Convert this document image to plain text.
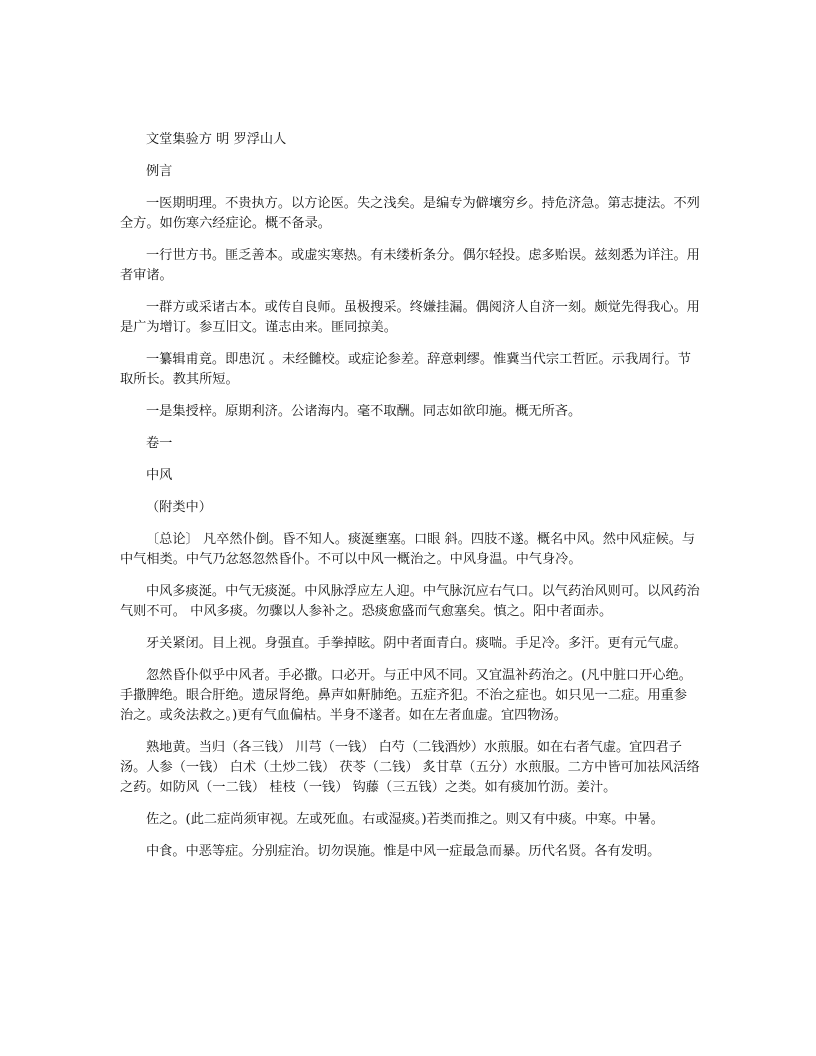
文堂集验方 明 罗浮山人

例言

一医期明理。不贵执方。以方论医。失之浅矣。是编专为僻壤穷乡。持危济急。第志捷法。不列全方。如伤寒六经症论。概不备录。

一行世方书。匪乏善本。或虚实寒热。有未缕析条分。偶尔轻投。虑多贻误。兹刻悉为详注。用者审诸。

一群方或采诸古本。或传自良师。虽极搜采。终嫌挂漏。偶阅济人自济一刻。颇觉先得我心。用是广为增订。参互旧文。谨志由来。匪同掠美。

一纂辑甫竟。即患沉 。未经雠校。或症论参差。辞意剌缪。惟冀当代宗工哲匠。示我周行。节取所长。教其所短。

一是集授梓。原期利济。公诸海内。毫不取酬。同志如欲印施。概无所吝。

卷一

中风

（附类中）

〔总论〕 凡卒然仆倒。昏不知人。痰涎壅塞。口眼 斜。四肢不遂。概名中风。然中风症候。与中气相类。中气乃忿怒忽然昏仆。不可以中风一概治之。中风身温。中气身冷。

中风多痰涎。中气无痰涎。中风脉浮应左人迎。中气脉沉应右气口。以气药治风则可。以风药治气则不可。 中风多痰。勿骤以人参补之。恐痰愈盛而气愈塞矣。慎之。阳中者面赤。

牙关紧闭。目上视。身强直。手拳掉眩。阴中者面青白。痰喘。手足冷。多汗。更有元气虚。

忽然昏仆似乎中风者。手必撒。口必开。与正中风不同。又宜温补药治之。(凡中脏口开心绝。手撒脾绝。眼合肝绝。遗尿肾绝。鼻声如鼾肺绝。五症齐犯。不治之症也。如只见一二症。用重参 治之。或灸法救之。)更有气血偏枯。半身不遂者。如在左者血虚。宜四物汤。

熟地黄。当归（各三钱） 川芎（一钱） 白芍（二钱酒炒）水煎服。如在右者气虚。宜四君子汤。人参（一钱） 白术（土炒二钱） 茯苓（二钱） 炙甘草（五分）水煎服。二方中皆可加祛风活络之药。如防风（一二钱） 桂枝（一钱） 钩藤（三五钱）之类。如有痰加竹沥。姜汁。

佐之。(此二症尚须审视。左或死血。右或湿痰。)若类而推之。则又有中痰。中寒。中暑。

中食。中恶等症。分别症治。切勿误施。惟是中风一症最急而暴。历代名贤。各有发明。
